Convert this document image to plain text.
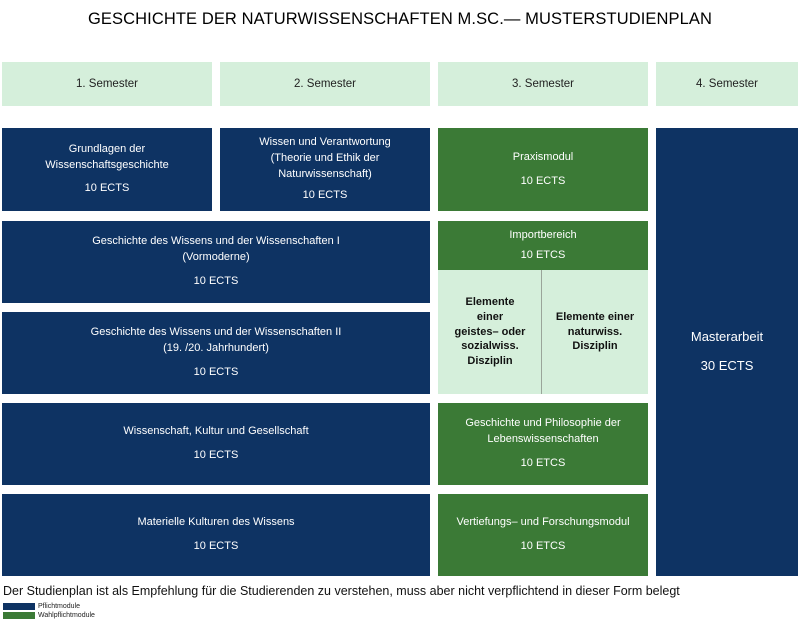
GESCHICHTE DER NATURWISSENSCHAFTEN M.SC.— MUSTERSTUDIENPLAN
1. Semester	2. Semester	3. Semester	4. Semester
Grundlagen der
Wissenschaftsgeschichte
10 ECTS
Wissen und Verantwortung
(Theorie und Ethik der
Naturwissenschaft)
10 ECTS
Praxismodul
10 ECTS
Masterarbeit
30 ECTS
Geschichte des Wissens und der Wissenschaften I
(Vormoderne)
10 ECTS
Importbereich
10 ETCS
Elemente
einer
geistes– oder
sozialwiss.
Disziplin
Elemente einer
naturwiss.
Disziplin
Geschichte des Wissens und der Wissenschaften II
(19. /20. Jahrhundert)
10 ECTS
Wissenschaft, Kultur und Gesellschaft
10 ECTS
Geschichte und Philosophie der
Lebenswissenschaften
10 ETCS
Materielle Kulturen des Wissens
10 ECTS
Vertiefungs– und Forschungsmodul
10 ETCS
Der Studienplan ist als Empfehlung für die Studierenden zu verstehen, muss aber nicht verpflichtend in dieser Form belegt
Pflichtmodule
Wahlpflichtmodule
